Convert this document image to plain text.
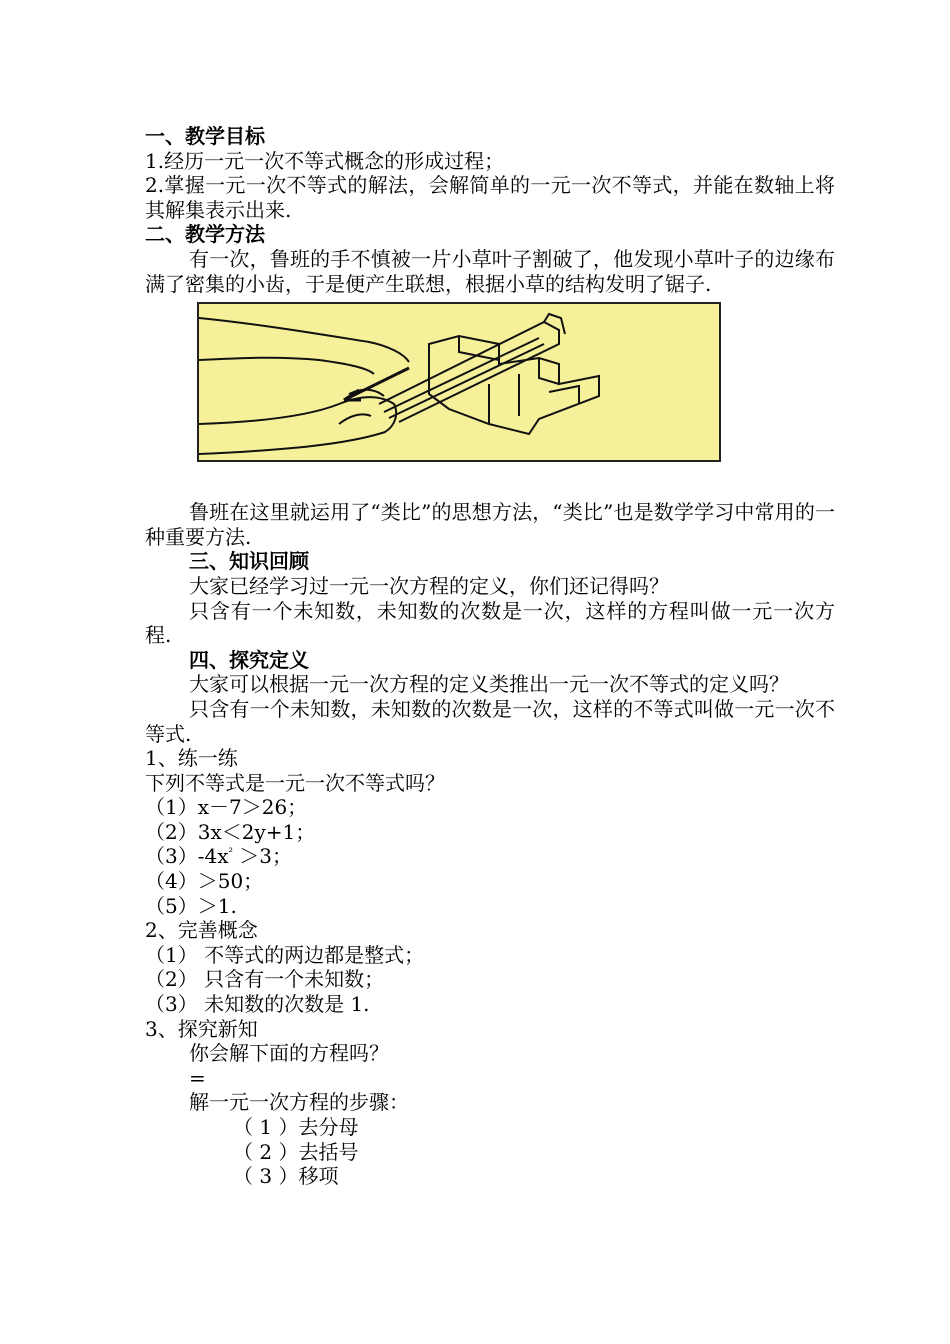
一、教学目标
1.经历一元一次不等式概念的形成过程；
2.掌握一元一次不等式的解法，会解简单的一元一次不等式，并能在数轴上将其解集表示出来.
二、教学方法
有一次，鲁班的手不慎被一片小草叶子割破了，他发现小草叶子的边缘布满了密集的小齿，于是便产生联想，根据小草的结构发明了锯子.
鲁班在这里就运用了“类比”的思想方法，“类比”也是数学学习中常用的一种重要方法.
三、知识回顾
大家已经学习过一元一次方程的定义，你们还记得吗？
只含有一个未知数，未知数的次数是一次，这样的方程叫做一元一次方程.
四、探究定义
大家可以根据一元一次方程的定义类推出一元一次不等式的定义吗？
只含有一个未知数，未知数的次数是一次，这样的不等式叫做一元一次不等式.
1、练一练
下列不等式是一元一次不等式吗？
（1）x－7＞26；
（2）3x＜2y+1；
$(3)-4x^{^2} >3$；
（4）＞50；
（5）＞1.
2、完善概念
（1） 不等式的两边都是整式；
（2） 只含有一个未知数；
（3） 未知数的次数是 1.
3、探究新知
你会解下面的方程吗？
=
解一元一次方程的步骤：
（ 1 ）去分母
（ 2 ）去括号
（ 3 ）移项
